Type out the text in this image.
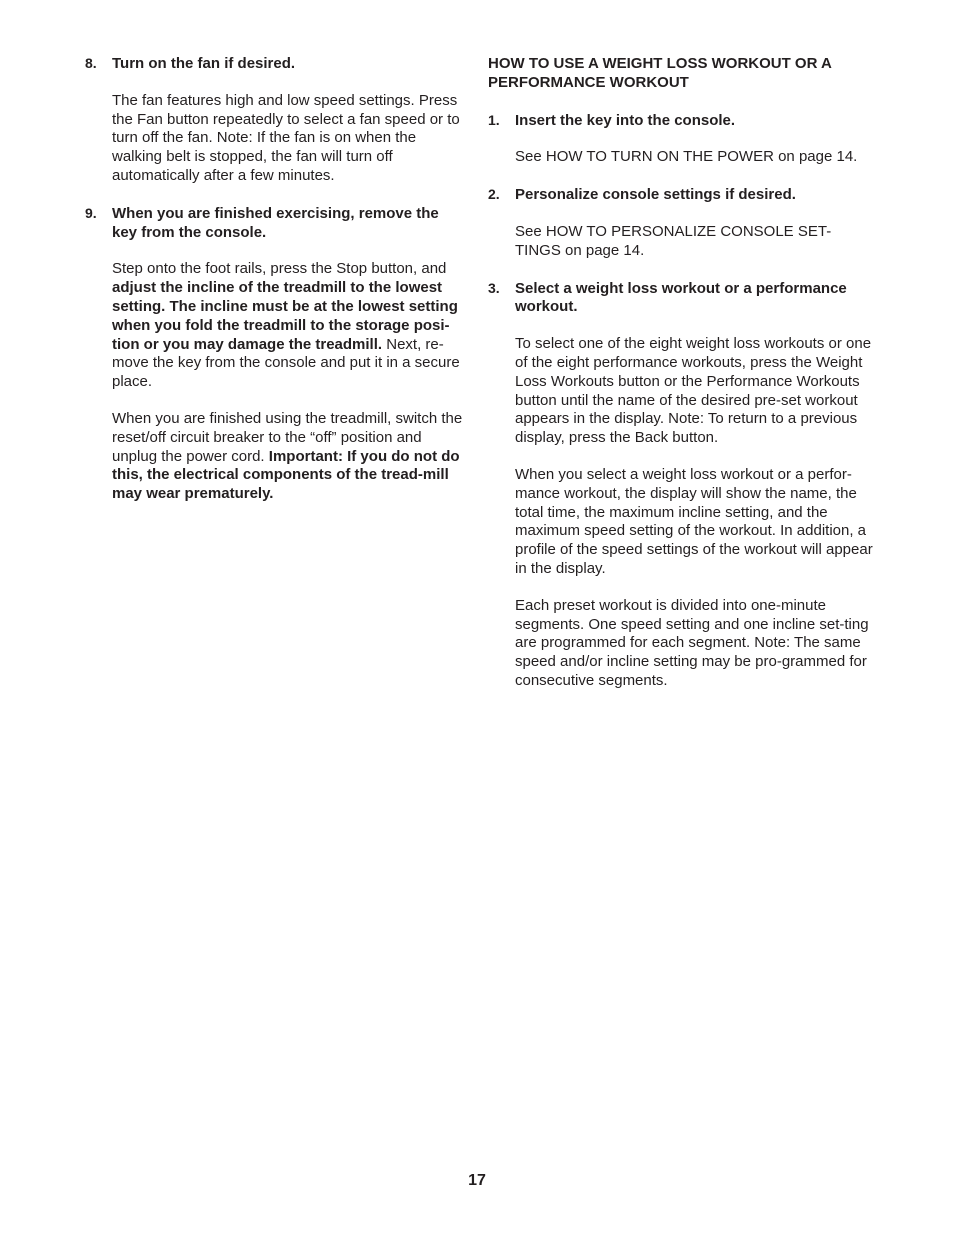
8. Turn on the fan if desired.

The fan features high and low speed settings. Press the Fan button repeatedly to select a fan speed or to turn off the fan. Note: If the fan is on when the walking belt is stopped, the fan will turn off automatically after a few minutes.

9. When you are finished exercising, remove the key from the console.

Step onto the foot rails, press the Stop button, and adjust the incline of the treadmill to the lowest setting. The incline must be at the lowest setting when you fold the treadmill to the storage posi-tion or you may damage the treadmill. Next, re-move the key from the console and put it in a secure place.

When you are finished using the treadmill, switch the reset/off circuit breaker to the “off” position and unplug the power cord. Important: If you do not do this, the electrical components of the tread-mill may wear prematurely.

HOW TO USE A WEIGHT LOSS WORKOUT OR A PERFORMANCE WORKOUT

1. Insert the key into the console.

See HOW TO TURN ON THE POWER on page 14.

2. Personalize console settings if desired.

See HOW TO PERSONALIZE CONSOLE SET-TINGS on page 14.

3. Select a weight loss workout or a performance workout.

To select one of the eight weight loss workouts or one of the eight performance workouts, press the Weight Loss Workouts button or the Performance Workouts button until the name of the desired pre-set workout appears in the display. Note: To return to a previous display, press the Back button.

When you select a weight loss workout or a perfor-mance workout, the display will show the name, the total time, the maximum incline setting, and the maximum speed setting of the workout. In addition, a profile of the speed settings of the workout will appear in the display.

Each preset workout is divided into one-minute segments. One speed setting and one incline set-ting are programmed for each segment. Note: The same speed and/or incline setting may be pro-grammed for consecutive segments.

17
